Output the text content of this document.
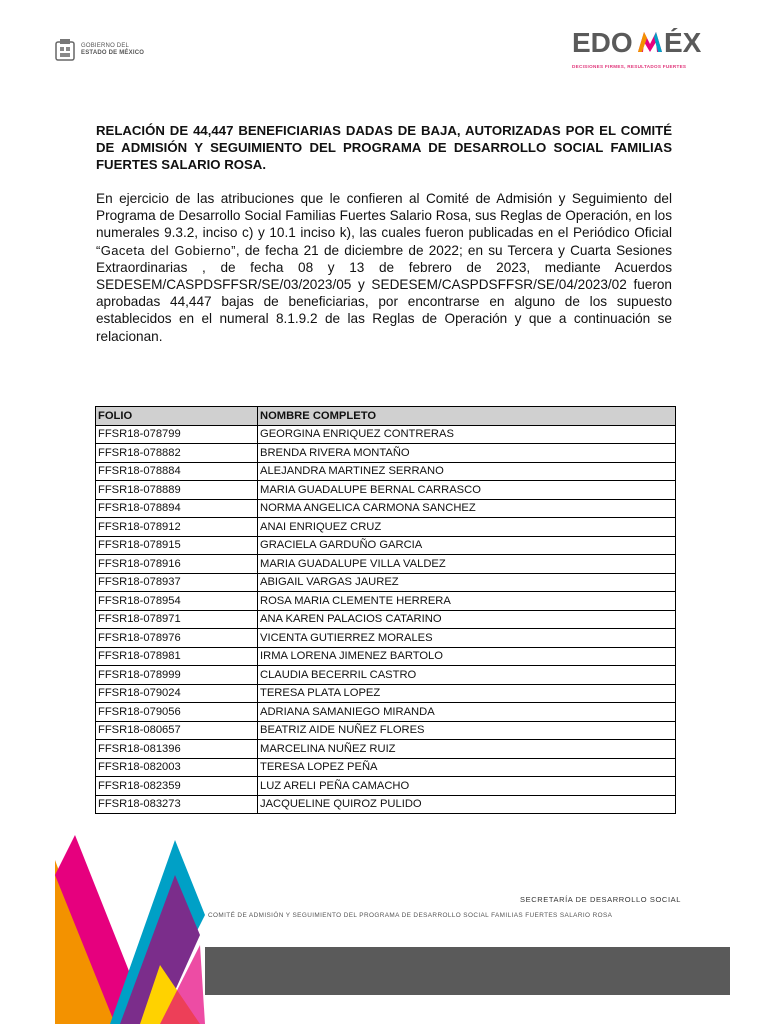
GOBIERNO DEL
ESTADO DE MÉXICO	EDO ÉX
DECISIONES FIRMES, RESULTADOS FUERTES
RELACIÓN DE 44,447 BENEFICIARIAS DADAS DE BAJA, AUTORIZADAS POR EL COMITÉ DE ADMISIÓN Y SEGUIMIENTO DEL PROGRAMA DE DESARROLLO SOCIAL FAMILIAS FUERTES SALARIO ROSA.
En ejercicio de las atribuciones que le confieren al Comité de Admisión y Seguimiento del Programa de Desarrollo Social Familias Fuertes Salario Rosa, sus Reglas de Operación, en los numerales 9.3.2, inciso c) y 10.1 inciso k), las cuales fueron publicadas en el Periódico Oficial “Gaceta del Gobierno”, de fecha 21 de diciembre de 2022; en su Tercera y Cuarta Sesiones Extraordinarias , de fecha 08 y 13 de febrero de 2023, mediante Acuerdos SEDESEM/CASPDSFFSR/SE/03/2023/05 y SEDESEM/CASPDSFFSR/SE/04/2023/02 fueron aprobadas 44,447 bajas de beneficiarias, por encontrarse en alguno de los supuesto establecidos en el numeral 8.1.9.2 de las Reglas de Operación y que a continuación se relacionan.
FOLIO	NOMBRE COMPLETO
FFSR18-078799	GEORGINA ENRIQUEZ CONTRERAS
FFSR18-078882	BRENDA RIVERA MONTAÑO
FFSR18-078884	ALEJANDRA MARTINEZ SERRANO
FFSR18-078889	MARIA GUADALUPE BERNAL CARRASCO
FFSR18-078894	NORMA ANGELICA CARMONA SANCHEZ
FFSR18-078912	ANAI ENRIQUEZ CRUZ
FFSR18-078915	GRACIELA GARDUÑO GARCIA
FFSR18-078916	MARIA GUADALUPE VILLA VALDEZ
FFSR18-078937	ABIGAIL VARGAS JAUREZ
FFSR18-078954	ROSA MARIA CLEMENTE HERRERA
FFSR18-078971	ANA KAREN PALACIOS CATARINO
FFSR18-078976	VICENTA GUTIERREZ MORALES
FFSR18-078981	IRMA LORENA JIMENEZ BARTOLO
FFSR18-078999	CLAUDIA BECERRIL CASTRO
FFSR18-079024	TERESA PLATA LOPEZ
FFSR18-079056	ADRIANA SAMANIEGO MIRANDA
FFSR18-080657	BEATRIZ AIDE NUÑEZ FLORES
FFSR18-081396	MARCELINA NUÑEZ RUIZ
FFSR18-082003	TERESA LOPEZ PEÑA
FFSR18-082359	LUZ ARELI PEÑA CAMACHO
FFSR18-083273	JACQUELINE QUIROZ PULIDO
SECRETARÍA DE DESARROLLO SOCIAL
COMITÉ DE ADMISIÓN Y SEGUIMIENTO DEL PROGRAMA DE DESARROLLO SOCIAL FAMILIAS FUERTES SALARIO ROSA
